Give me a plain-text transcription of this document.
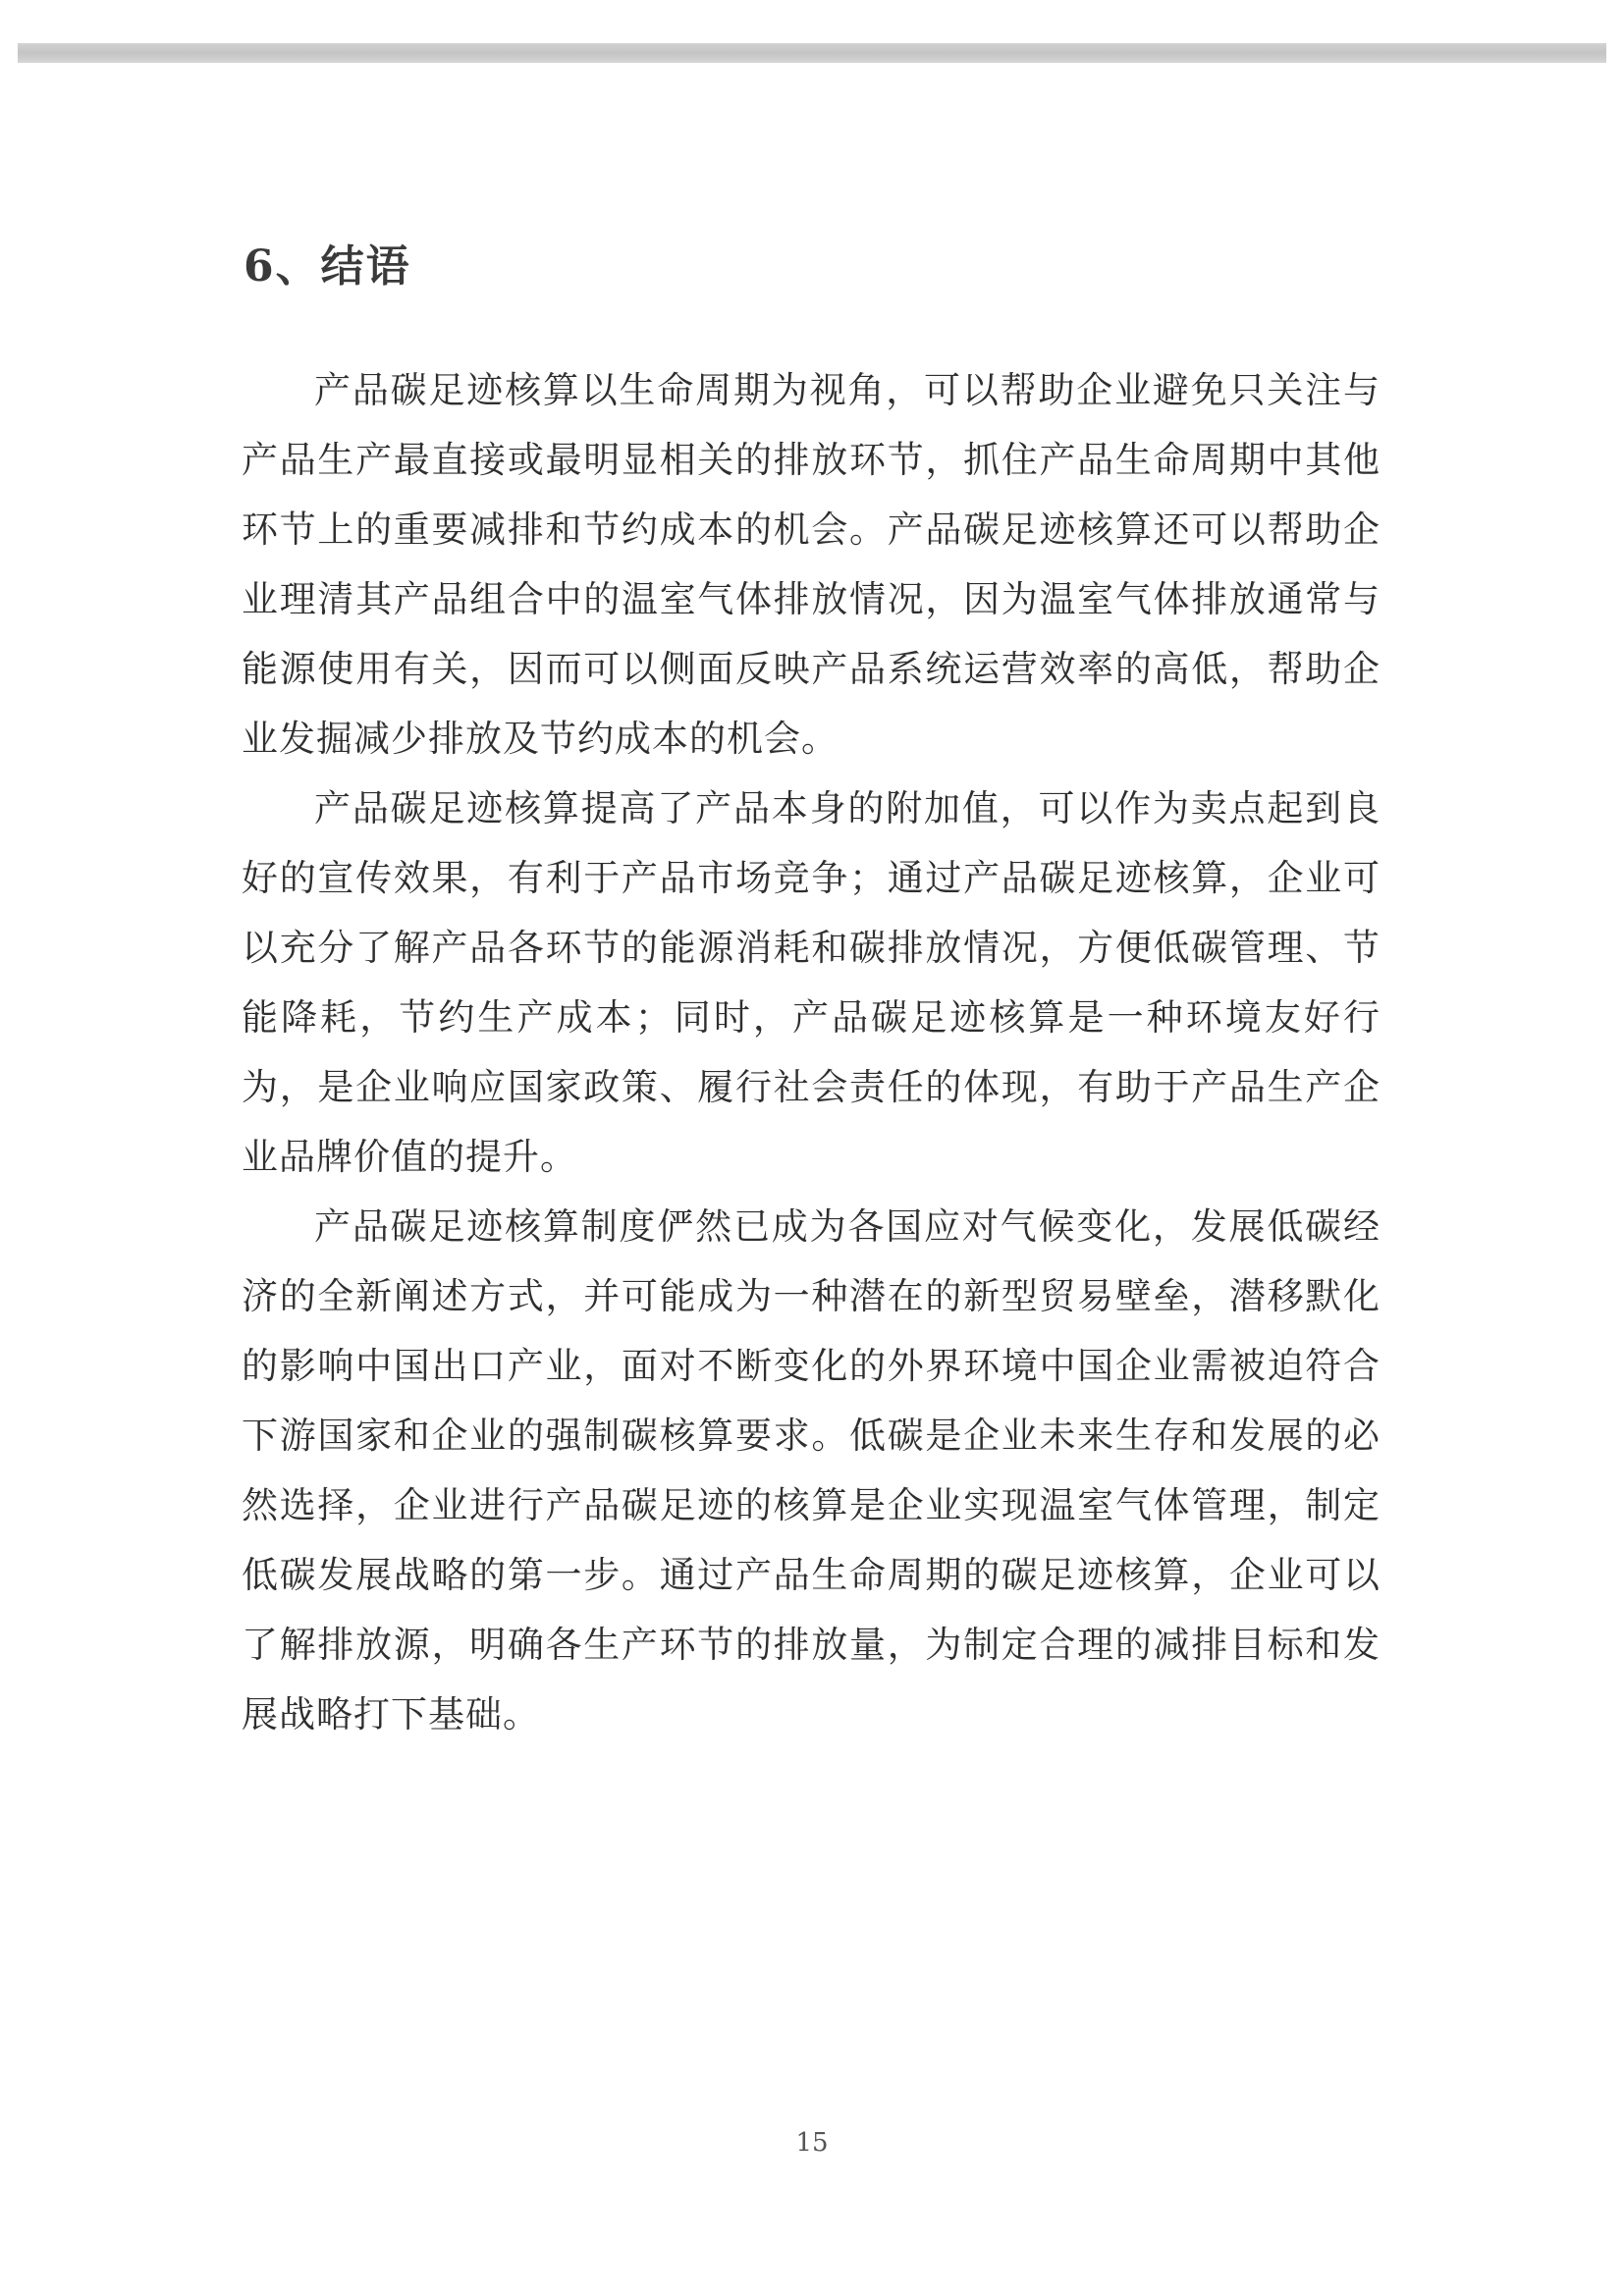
6、结语

产品碳足迹核算以生命周期为视角，可以帮助企业避免只关注与产品生产最直接或最明显相关的排放环节，抓住产品生命周期中其他环节上的重要减排和节约成本的机会。产品碳足迹核算还可以帮助企业理清其产品组合中的温室气体排放情况，因为温室气体排放通常与能源使用有关，因而可以侧面反映产品系统运营效率的高低，帮助企业发掘减少排放及节约成本的机会。

产品碳足迹核算提高了产品本身的附加值，可以作为卖点起到良好的宣传效果，有利于产品市场竞争；通过产品碳足迹核算，企业可以充分了解产品各环节的能源消耗和碳排放情况，方便低碳管理、节能降耗，节约生产成本；同时，产品碳足迹核算是一种环境友好行为，是企业响应国家政策、履行社会责任的体现，有助于产品生产企业品牌价值的提升。

产品碳足迹核算制度俨然已成为各国应对气候变化，发展低碳经济的全新阐述方式，并可能成为一种潜在的新型贸易壁垒，潜移默化的影响中国出口产业，面对不断变化的外界环境中国企业需被迫符合下游国家和企业的强制碳核算要求。低碳是企业未来生存和发展的必然选择，企业进行产品碳足迹的核算是企业实现温室气体管理，制定低碳发展战略的第一步。通过产品生命周期的碳足迹核算，企业可以了解排放源，明确各生产环节的排放量，为制定合理的减排目标和发展战略打下基础。

15
